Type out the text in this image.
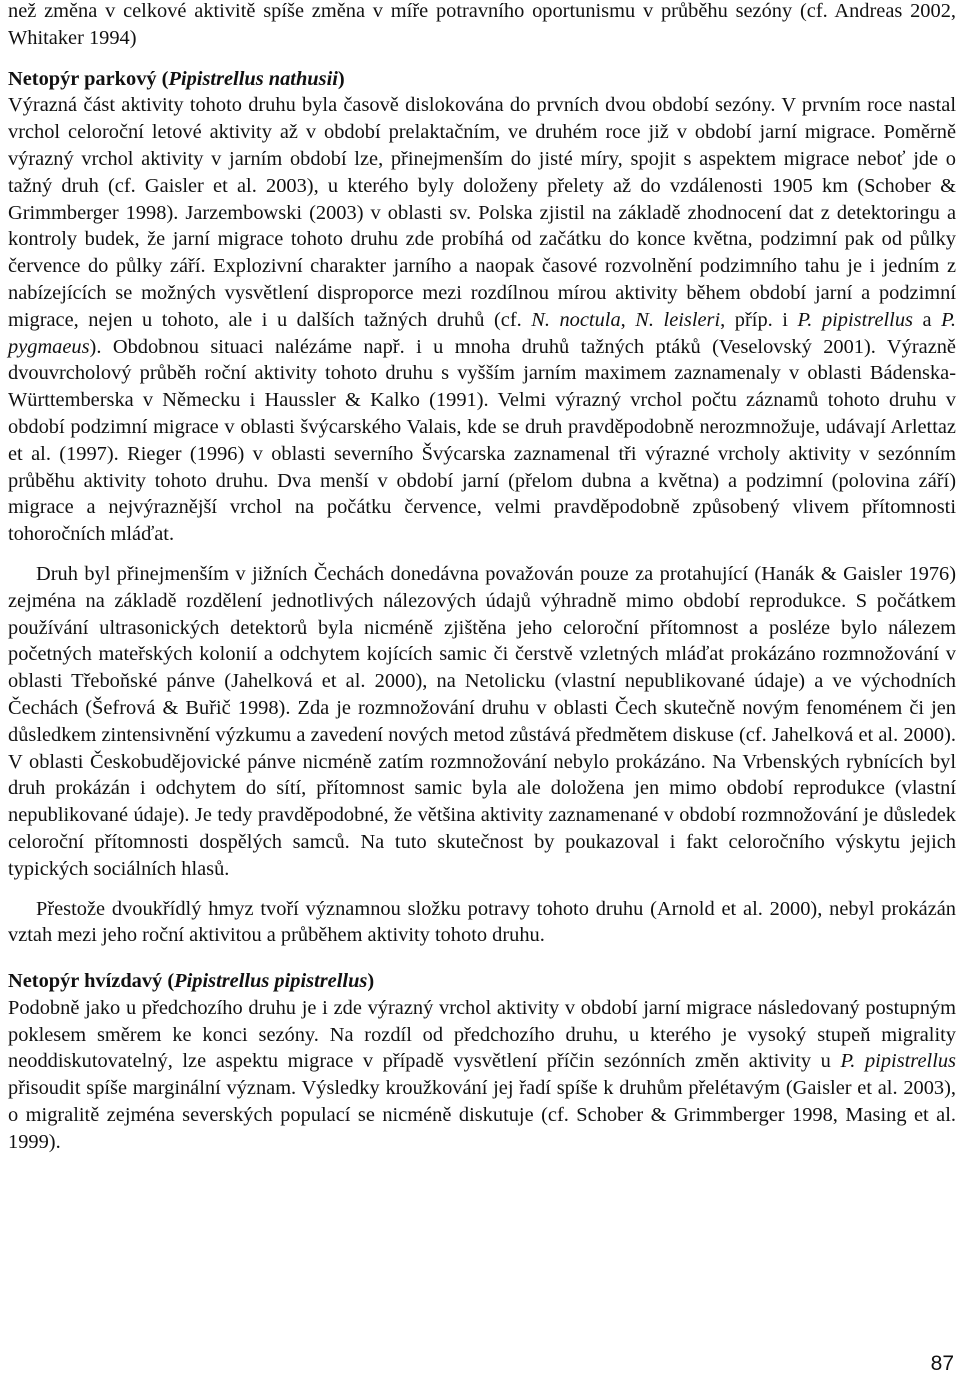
než změna v celkové aktivitě spíše změna v míře potravního oportunismu v průběhu sezóny (cf. Andreas 2002, Whitaker 1994)

Netopýr parkový (Pipistrellus nathusii)

Výrazná část aktivity tohoto druhu byla časově dislokována do prvních dvou období sezóny. V prvním roce nastal vrchol celoroční letové aktivity až v období prelaktačním, ve druhém roce již v období jarní migrace. Poměrně výrazný vrchol aktivity v jarním období lze, přinejmenším do jisté míry, spojit s aspektem migrace neboť jde o tažný druh (cf. Gaisler et al. 2003), u kterého byly doloženy přelety až do vzdálenosti 1905 km (Schober & Grimmberger 1998). Jarzembowski (2003) v oblasti sv. Polska zjistil na základě zhodnocení dat z detektoringu a kontroly budek, že jarní migrace tohoto druhu zde probíhá od začátku do konce května, podzimní pak od půlky července do půlky září. Explozivní charakter jarního a naopak časové rozvolnění podzimního tahu je i jedním z nabízejících se možných vysvětlení disproporce mezi rozdílnou mírou aktivity během období jarní a podzimní migrace, nejen u tohoto, ale i u dalších tažných druhů (cf. N. noctula, N. leisleri, příp. i P. pipistrellus a P. pygmaeus). Obdobnou situaci nalézáme např. i u mnoha druhů tažných ptáků (Veselovský 2001). Výrazně dvouvrcholový průběh roční aktivity tohoto druhu s vyšším jarním maximem zaznamenaly v oblasti Bádenska-Württemberska v Německu i Haussler & Kalko (1991). Velmi výrazný vrchol počtu záznamů tohoto druhu v období podzimní migrace v oblasti švýcarského Valais, kde se druh pravděpodobně nerozmnožuje, udávají Arlettaz et al. (1997). Rieger (1996) v oblasti severního Švýcarska zaznamenal tři výrazné vrcholy aktivity v sezónním průběhu aktivity tohoto druhu. Dva menší v období jarní (přelom dubna a května) a podzimní (polovina září) migrace a nejvýraznější vrchol na počátku července, velmi pravděpodobně způsobený vlivem přítomnosti tohoročních mláďat.

Druh byl přinejmenším v jižních Čechách donedávna považován pouze za protahující (Hanák & Gaisler 1976) zejména na základě rozdělení jednotlivých nálezových údajů výhradně mimo období reprodukce. S počátkem používání ultrasonických detektorů byla nicméně zjištěna jeho celoroční přítomnost a posléze bylo nálezem početných mateřských kolonií a odchytem kojících samic či čerstvě vzletných mláďat prokázáno rozmnožování v oblasti Třeboňské pánve (Jahelková et al. 2000), na Netolicku (vlastní nepublikované údaje) a ve východních Čechách (Šefrová & Buřič 1998). Zda je rozmnožování druhu v oblasti Čech skutečně novým fenoménem či jen důsledkem zintensivnění výzkumu a zavedení nových metod zůstává předmětem diskuse (cf. Jahelková et al. 2000). V oblasti Českobudějovické pánve nicméně zatím rozmnožování nebylo prokázáno. Na Vrbenských rybnících byl druh prokázán i odchytem do sítí, přítomnost samic byla ale doložena jen mimo období reprodukce (vlastní nepublikované údaje). Je tedy pravděpodobné, že většina aktivity zaznamenané v období rozmnožování je důsledek celoroční přítomnosti dospělých samců. Na tuto skutečnost by poukazoval i fakt celoročního výskytu jejich typických sociálních hlasů.

Přestože dvoukřídlý hmyz tvoří významnou složku potravy tohoto druhu (Arnold et al. 2000), nebyl prokázán vztah mezi jeho roční aktivitou a průběhem aktivity tohoto druhu.

Netopýr hvízdavý (Pipistrellus pipistrellus)

Podobně jako u předchozího druhu je i zde výrazný vrchol aktivity v období jarní migrace následovaný postupným poklesem směrem ke konci sezóny. Na rozdíl od předchozího druhu, u kterého je vysoký stupeň migrality neoddiskutovatelný, lze aspektu migrace v případě vysvětlení příčin sezónních změn aktivity u P. pipistrellus přisoudit spíše marginální význam. Výsledky kroužkování jej řadí spíše k druhům přelétavým (Gaisler et al. 2003), o migralitě zejména severských populací se nicméně diskutuje (cf. Schober & Grimmberger 1998, Masing et al. 1999).

87
